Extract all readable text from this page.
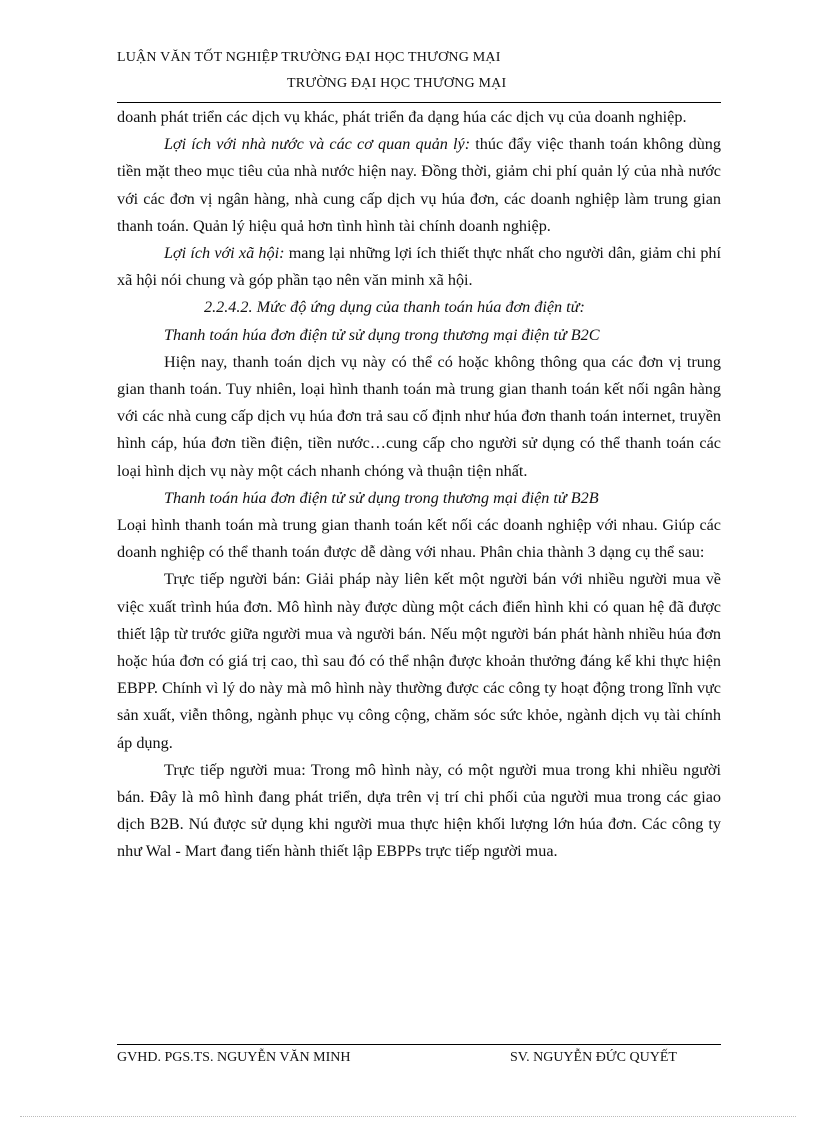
LUẬN VĂN TỐT NGHIỆP TRƯỜNG ĐẠI HỌC THƯƠNG MẠI
TRƯỜNG ĐẠI HỌC THƯƠNG MẠI

doanh phát triển các dịch vụ khác, phát triển đa dạng húa các dịch vụ của doanh nghiệp.

Lợi ích với nhà nước và các cơ quan quản lý: thúc đẩy việc thanh toán không dùng tiền mặt theo mục tiêu của nhà nước hiện nay. Đồng thời, giảm chi phí quản lý của nhà nước với các đơn vị ngân hàng, nhà cung cấp dịch vụ húa đơn, các doanh nghiệp làm trung gian thanh toán. Quản lý hiệu quả hơn tình hình tài chính doanh nghiệp.

Lợi ích với xã hội: mang lại những lợi ích thiết thực nhất cho người dân, giảm chi phí xã hội nói chung và góp phần tạo nên văn minh xã hội.

2.2.4.2. Mức độ ứng dụng của thanh toán húa đơn điện tử:

Thanh toán húa đơn điện tử sử dụng trong thương mại điện tử B2C

Hiện nay, thanh toán dịch vụ này có thể có hoặc không thông qua các đơn vị trung gian thanh toán. Tuy nhiên, loại hình thanh toán mà trung gian thanh toán kết nối ngân hàng với các nhà cung cấp dịch vụ húa đơn trả sau cố định như húa đơn thanh toán internet, truyền hình cáp, húa đơn tiền điện, tiền nước…cung cấp cho người sử dụng có thể thanh toán các loại hình dịch vụ này một cách nhanh chóng và thuận tiện nhất.

Thanh toán húa đơn điện tử sử dụng trong thương mại điện tử B2B

Loại hình thanh toán mà trung gian thanh toán kết nối các doanh nghiệp với nhau. Giúp các doanh nghiệp có thể thanh toán được dễ dàng với nhau. Phân chia thành 3 dạng cụ thể sau:

Trực tiếp người bán: Giải pháp này liên kết một người bán với nhiều người mua về việc xuất trình húa đơn. Mô hình này được dùng một cách điển hình khi có quan hệ đã được thiết lập từ trước giữa người mua và người bán. Nếu một người bán phát hành nhiều húa đơn hoặc húa đơn có giá trị cao, thì sau đó có thể nhận được khoản thưởng đáng kể khi thực hiện EBPP. Chính vì lý do này mà mô hình này thường được các công ty hoạt động trong lĩnh vực sản xuất, viễn thông, ngành phục vụ công cộng, chăm sóc sức khỏe, ngành dịch vụ tài chính áp dụng.

Trực tiếp người mua: Trong mô hình này, có một người mua trong khi nhiều người bán. Đây là mô hình đang phát triển, dựa trên vị trí chi phối của người mua trong các giao dịch B2B. Nú được sử dụng khi người mua thực hiện khối lượng lớn húa đơn. Các công ty như Wal - Mart đang tiến hành thiết lập EBPPs trực tiếp người mua.

GVHD. PGS.TS. NGUYỄN VĂN MINH	SV. NGUYỄN ĐỨC QUYẾT
